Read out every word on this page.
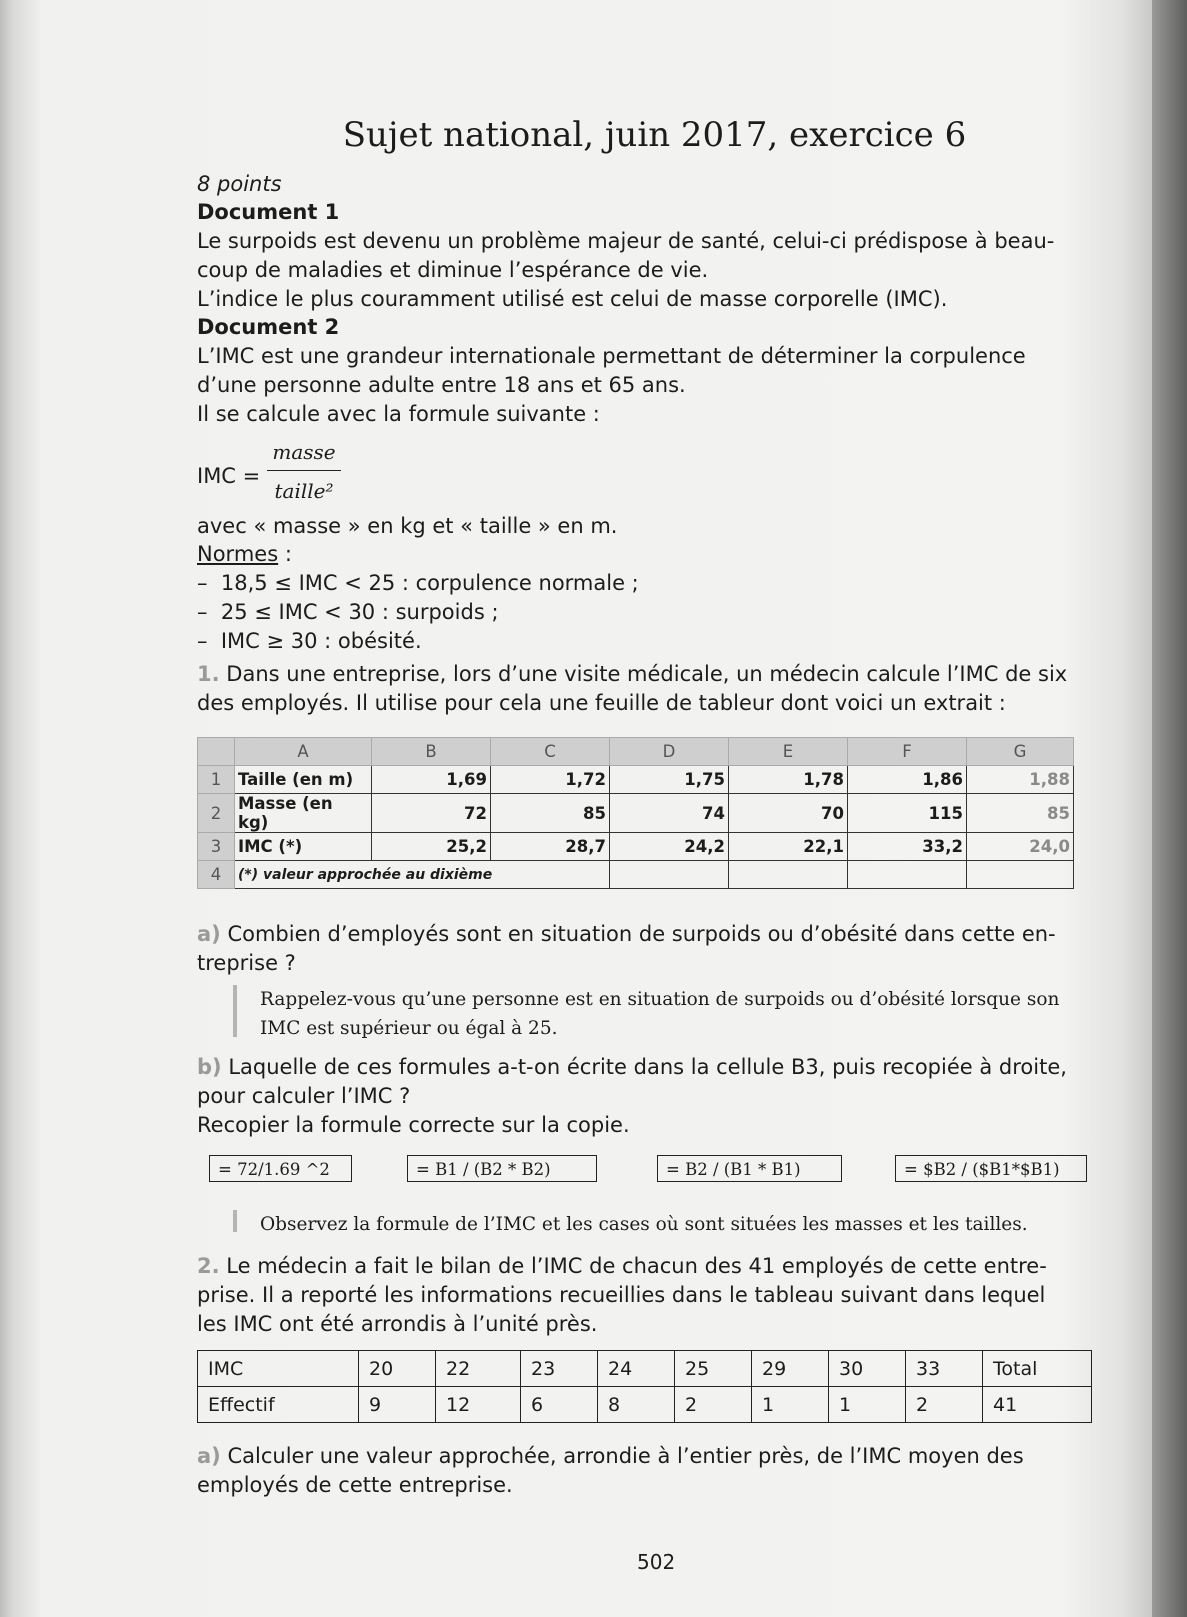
Sujet national, juin 2017, exercice 6
8 points
Document 1
Le surpoids est devenu un problème majeur de santé, celui-ci prédispose à beau-
coup de maladies et diminue l’espérance de vie.
L’indice le plus couramment utilisé est celui de masse corporelle (IMC).
Document 2
L’IMC est une grandeur internationale permettant de déterminer la corpulence
d’une personne adulte entre 18 ans et 65 ans.
Il se calcule avec la formule suivante :
IMC =
masse
taille²
avec « masse » en kg et « taille » en m.
Normes :
–  18,5 ≤ IMC < 25 : corpulence normale ;
–  25 ≤ IMC < 30 : surpoids ;
–  IMC ≥ 30 : obésité.
1. Dans une entreprise, lors d’une visite médicale, un médecin calcule l’IMC de six
des employés. Il utilise pour cela une feuille de tableur dont voici un extrait :
	A	B	C	D	E	F	G
1	Taille (en m)	1,69	1,72	1,75	1,78	1,86	1,88
2	Masse (en kg)	72	85	74	70	115	85
3	IMC (*)	25,2	28,7	24,2	22,1	33,2	24,0
4	(*) valeur approchée au dixième						
a) Combien d’employés sont en situation de surpoids ou d’obésité dans cette en-
treprise ?
Rappelez-vous qu’une personne est en situation de surpoids ou d’obésité lorsque son
IMC est supérieur ou égal à 25.
b) Laquelle de ces formules a-t-on écrite dans la cellule B3, puis recopiée à droite,
pour calculer l’IMC ?
Recopier la formule correcte sur la copie.
= 72/1.69 ^2	= B1 / (B2 * B2)	= B2 / (B1 * B1)	= $B2 / ($B1*$B1)
Observez la formule de l’IMC et les cases où sont situées les masses et les tailles.
2. Le médecin a fait le bilan de l’IMC de chacun des 41 employés de cette entre-
prise. Il a reporté les informations recueillies dans le tableau suivant dans lequel
les IMC ont été arrondis à l’unité près.
IMC	20	22	23	24	25	29	30	33	Total
Effectif	9	12	6	8	2	1	1	2	41
a) Calculer une valeur approchée, arrondie à l’entier près, de l’IMC moyen des
employés de cette entreprise.
502
